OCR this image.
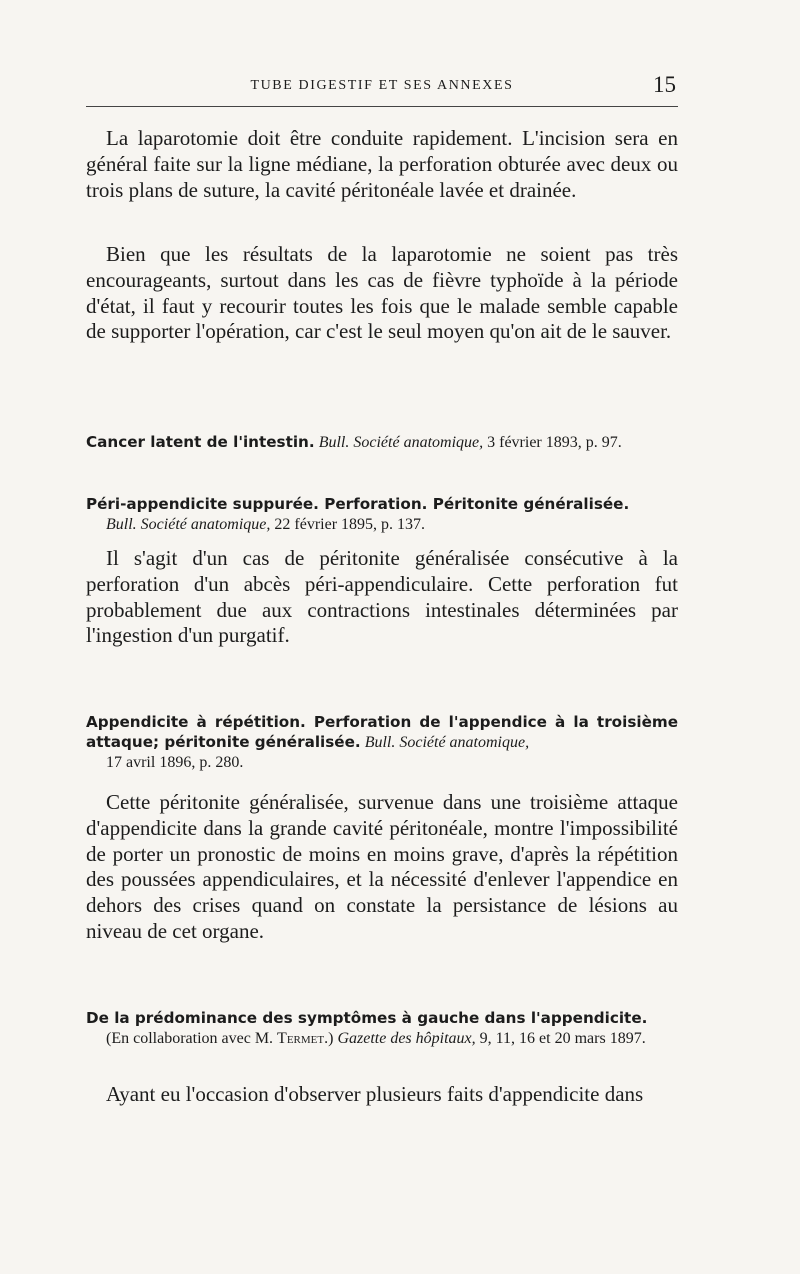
TUBE DIGESTIF ET SES ANNEXES	15

La laparotomie doit être conduite rapidement. L'incision sera en général faite sur la ligne médiane, la perforation obturée avec deux ou trois plans de suture, la cavité péritonéale lavée et drainée.

Bien que les résultats de la laparotomie ne soient pas très encourageants, surtout dans les cas de fièvre typhoïde à la période d'état, il faut y recourir toutes les fois que le malade semble capable de supporter l'opération, car c'est le seul moyen qu'on ait de le sauver.

Cancer latent de l'intestin. Bull. Société anatomique, 3 février 1893, p. 97.

Péri-appendicite suppurée. Perforation. Péritonite généralisée.
Bull. Société anatomique, 22 février 1895, p. 137.

Il s'agit d'un cas de péritonite généralisée consécutive à la perforation d'un abcès péri-appendiculaire. Cette perforation fut probablement due aux contractions intestinales déterminées par l'ingestion d'un purgatif.

Appendicite à répétition. Perforation de l'appendice à la troisième attaque; péritonite généralisée. Bull. Société anatomique,
17 avril 1896, p. 280.

Cette péritonite généralisée, survenue dans une troisième attaque d'appendicite dans la grande cavité péritonéale, montre l'impossibilité de porter un pronostic de moins en moins grave, d'après la répétition des poussées appendiculaires, et la nécessité d'enlever l'appendice en dehors des crises quand on constate la persistance de lésions au niveau de cet organe.

De la prédominance des symptômes à gauche dans l'appendicite.
(En collaboration avec M. Termet.) Gazette des hôpitaux, 9, 11, 16 et 20 mars 1897.

Ayant eu l'occasion d'observer plusieurs faits d'appendicite dans
